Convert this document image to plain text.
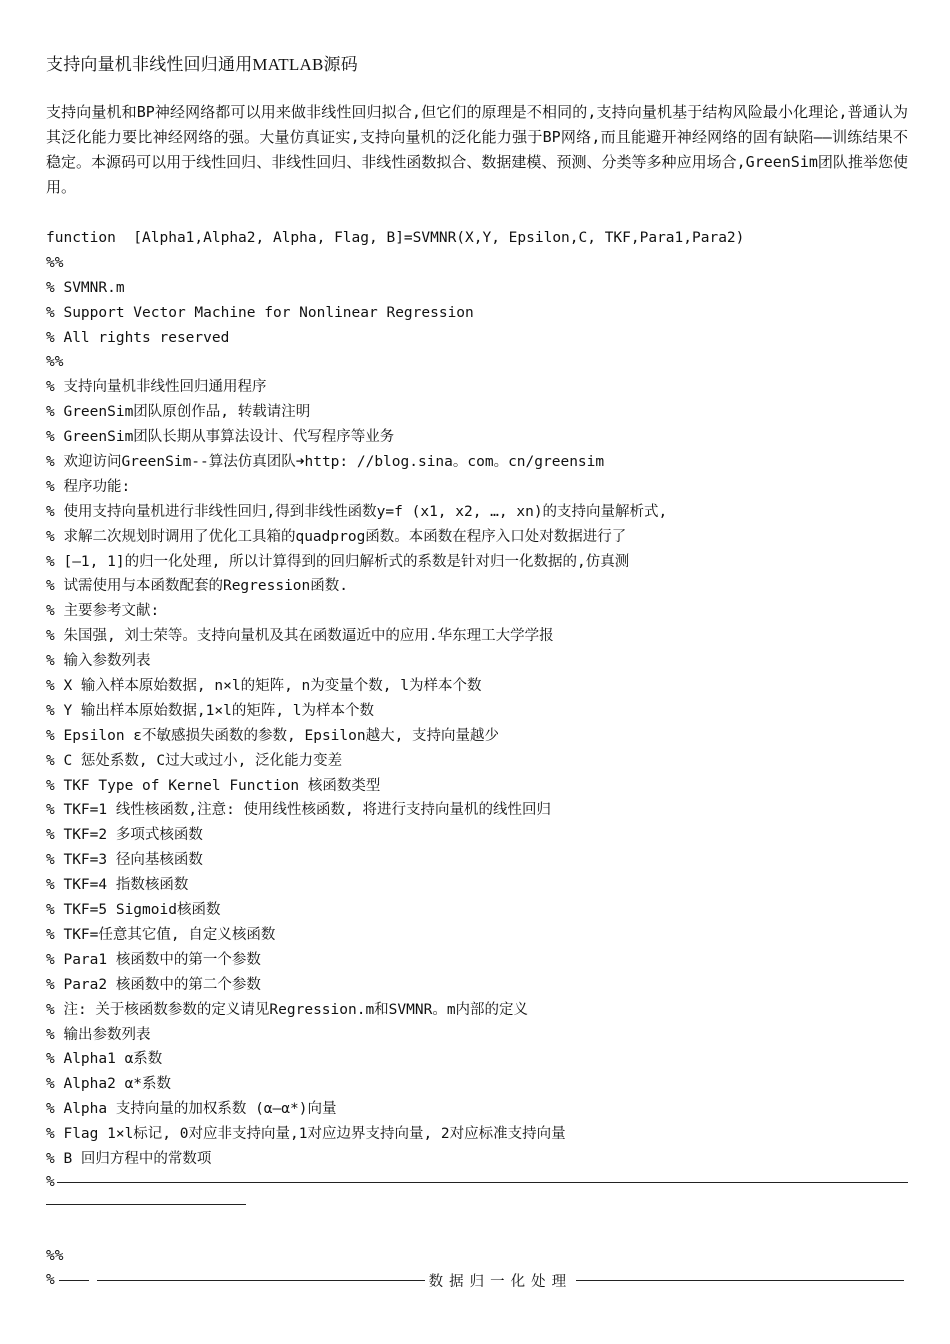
支持向量机非线性回归通用MATLAB源码
支持向量机和BP神经网络都可以用来做非线性回归拟合,但它们的原理是不相同的,支持向量机基于结构风险最小化理论,普通认为其泛化能力要比神经网络的强。大量仿真证实,支持向量机的泛化能力强于BP网络,而且能避开神经网络的固有缺陷——训练结果不稳定。本源码可以用于线性回归、非线性回归、非线性函数拟合、数据建模、预测、分类等多种应用场合,GreenSim团队推举您使用。
function  [Alpha1,Alpha2, Alpha, Flag, B]=SVMNR(X,Y, Epsilon,C, TKF,Para1,Para2)
%%
% SVMNR.m
% Support Vector Machine for Nonlinear Regression
% All rights reserved
%%
% 支持向量机非线性回归通用程序
% GreenSim团队原创作品, 转载请注明
% GreenSim团队长期从事算法设计、代写程序等业务
% 欢迎访问GreenSim--算法仿真团队➜http: //blog.sina。com。cn/greensim
% 程序功能:
% 使用支持向量机进行非线性回归,得到非线性函数y=f (x1, x2, …, xn)的支持向量解析式,
% 求解二次规划时调用了优化工具箱的quadprog函数。本函数在程序入口处对数据进行了
% [—1, 1]的归一化处理, 所以计算得到的回归解析式的系数是针对归一化数据的,仿真测
% 试需使用与本函数配套的Regression函数.
% 主要参考文献:
% 朱国强, 刘士荣等。支持向量机及其在函数逼近中的应用.华东理工大学学报
% 输入参数列表
% X 输入样本原始数据, n×l的矩阵, n为变量个数, l为样本个数
% Y 输出样本原始数据,1×l的矩阵, l为样本个数
% Epsilon ε不敏感损失函数的参数, Epsilon越大, 支持向量越少
% C 惩处系数, C过大或过小, 泛化能力变差
% TKF Type of Kernel Function 核函数类型
% TKF=1 线性核函数,注意: 使用线性核函数, 将进行支持向量机的线性回归
% TKF=2 多项式核函数
% TKF=3 径向基核函数
% TKF=4 指数核函数
% TKF=5 Sigmoid核函数
% TKF=任意其它值, 自定义核函数
% Para1 核函数中的第一个参数
% Para2 核函数中的第二个参数
% 注: 关于核函数参数的定义请见Regression.m和SVMNR。m内部的定义
% 输出参数列表
% Alpha1 α系数
% Alpha2 α*系数
% Alpha 支持向量的加权系数 (α—α*)向量
% Flag 1×l标记, 0对应非支持向量,1对应边界支持向量, 2对应标准支持向量
% B 回归方程中的常数项
%
%%
%	数据归一化处理
